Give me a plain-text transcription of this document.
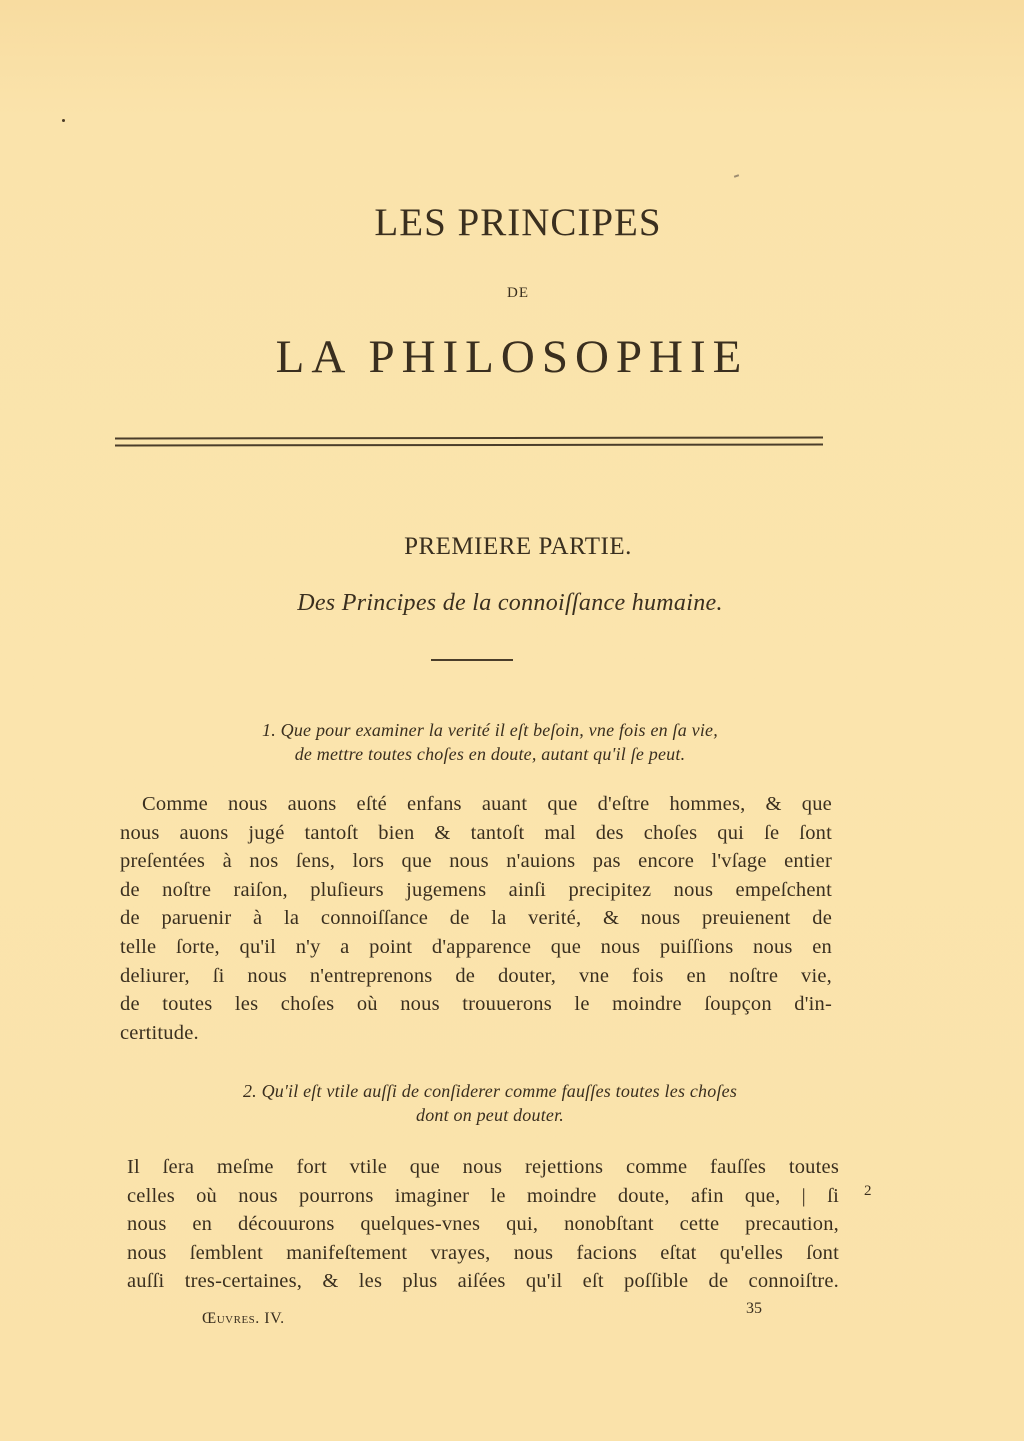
LES PRINCIPES
DE
LA PHILOSOPHIE
PREMIERE PARTIE.
Des Principes de la connoiſſance humaine.
1. Que pour examiner la verité il eſt beſoin, vne fois en ſa vie,
de mettre toutes choſes en doute, autant qu'il ſe peut.
Comme nous auons eſté enfans auant que d'eſtre hommes, & que
nous auons jugé tantoſt bien & tantoſt mal des choſes qui ſe ſont
preſentées à nos ſens, lors que nous n'auions pas encore l'vſage entier
de noſtre raiſon, pluſieurs jugemens ainſi precipitez nous empeſchent
de paruenir à la connoiſſance de la verité, & nous preuienent de
telle ſorte, qu'il n'y a point d'apparence que nous puiſſions nous en
deliurer, ſi nous n'entreprenons de douter, vne fois en noſtre vie,
de toutes les choſes où nous trouuerons le moindre ſoupçon d'in-
certitude.
2. Qu'il eſt vtile auſſi de conſiderer comme fauſſes toutes les choſes
dont on peut douter.
Il ſera meſme fort vtile que nous rejettions comme fauſſes toutes
celles où nous pourrons imaginer le moindre doute, afin que, | ſi
nous en découurons quelques-vnes qui, nonobſtant cette precaution,
nous ſemblent manifeſtement vrayes, nous facions eſtat qu'elles ſont
auſſi tres-certaines, & les plus aiſées qu'il eſt poſſible de connoiſtre.
2
Œuvres. IV.
35
